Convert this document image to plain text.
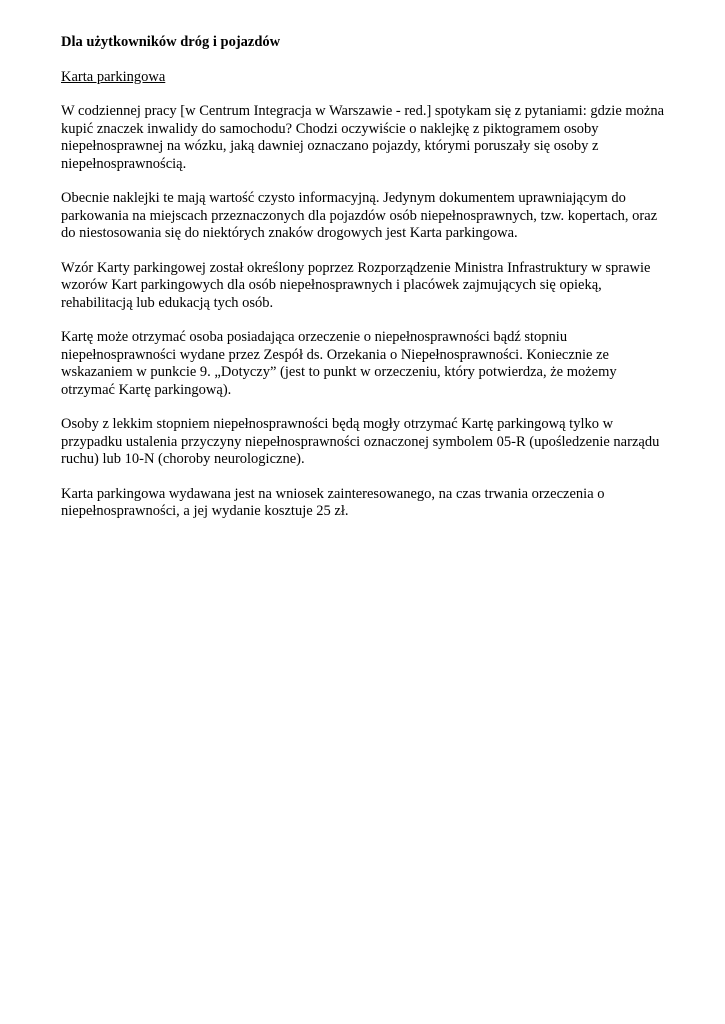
Dla użytkowników dróg i pojazdów
Karta parkingowa
W codziennej pracy [w Centrum Integracja w Warszawie - red.] spotykam się z pytaniami: gdzie można kupić znaczek inwalidy do samochodu? Chodzi oczywiście o naklejkę z piktogramem osoby niepełnosprawnej na wózku, jaką dawniej oznaczano pojazdy, którymi poruszały się osoby z niepełnosprawnością.
Obecnie naklejki te mają wartość czysto informacyjną. Jedynym dokumentem uprawniającym do parkowania na miejscach przeznaczonych dla pojazdów osób niepełnosprawnych, tzw. kopertach, oraz do niestosowania się do niektórych znaków drogowych jest Karta parkingowa.
Wzór Karty parkingowej został określony poprzez Rozporządzenie Ministra Infrastruktury w sprawie wzorów Kart parkingowych dla osób niepełnosprawnych i placówek zajmujących się opieką, rehabilitacją lub edukacją tych osób.
Kartę może otrzymać osoba posiadająca orzeczenie o niepełnosprawności bądź stopniu niepełnosprawności wydane przez Zespół ds. Orzekania o Niepełnosprawności. Koniecznie ze wskazaniem w punkcie 9. „Dotyczy” (jest to punkt w orzeczeniu, który potwierdza, że możemy otrzymać Kartę parkingową).
Osoby z lekkim stopniem niepełnosprawności będą mogły otrzymać Kartę parkingową tylko w przypadku ustalenia przyczyny niepełnosprawności oznaczonej symbolem 05-R (upośledzenie narządu ruchu) lub 10-N (choroby neurologiczne).
Karta parkingowa wydawana jest na wniosek zainteresowanego, na czas trwania orzeczenia o niepełnosprawności, a jej wydanie kosztuje 25 zł.
